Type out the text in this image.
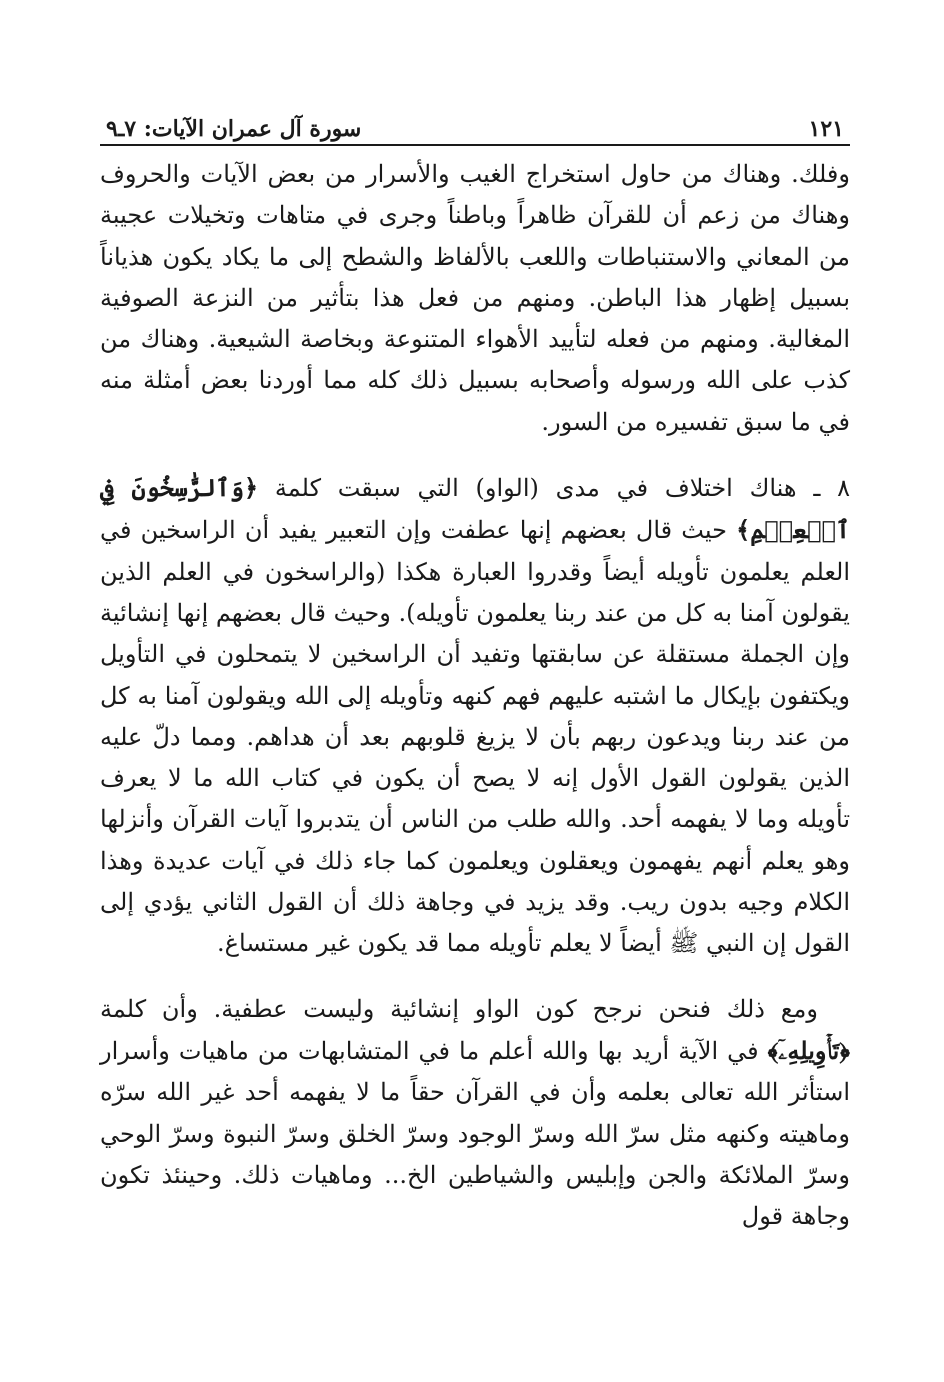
١٢١
سورة آل عمران الآيات: ٧ـ٩

وفلك. وهناك من حاول استخراج الغيب والأسرار من بعض الآيات والحروف وهناك من زعم أن للقرآن ظاهراً وباطناً وجرى في متاهات وتخيلات عجيبة من المعاني والاستنباطات واللعب بالألفاظ والشطح إلى ما يكاد يكون هذياناً بسبيل إظهار هذا الباطن. ومنهم من فعل هذا بتأثير من النزعة الصوفية المغالية. ومنهم من فعله لتأييد الأهواء المتنوعة وبخاصة الشيعية. وهناك من كذب على الله ورسوله وأصحابه بسبيل ذلك كله مما أوردنا بعض أمثلة منه في ما سبق تفسيره من السور.

٨ ـ هناك اختلاف في مدى (الواو) التي سبقت كلمة ﴿وَٱلرَّٰسِخُونَ فِي ٱلۡعِلۡمِ﴾ حيث قال بعضهم إنها عطفت وإن التعبير يفيد أن الراسخين في العلم يعلمون تأويله أيضاً وقدروا العبارة هكذا (والراسخون في العلم الذين يقولون آمنا به كل من عند ربنا يعلمون تأويله). وحيث قال بعضهم إنها إنشائية وإن الجملة مستقلة عن سابقتها وتفيد أن الراسخين لا يتمحلون في التأويل ويكتفون بإيكال ما اشتبه عليهم فهم كنهه وتأويله إلى الله ويقولون آمنا به كل من عند ربنا ويدعون ربهم بأن لا يزيغ قلوبهم بعد أن هداهم. ومما دلّ عليه الذين يقولون القول الأول إنه لا يصح أن يكون في كتاب الله ما لا يعرف تأويله وما لا يفهمه أحد. والله طلب من الناس أن يتدبروا آيات القرآن وأنزلها وهو يعلم أنهم يفهمون ويعقلون ويعلمون كما جاء ذلك في آيات عديدة وهذا الكلام وجيه بدون ريب. وقد يزيد في وجاهة ذلك أن القول الثاني يؤدي إلى القول إن النبي ﷺ أيضاً لا يعلم تأويله مما قد يكون غير مستساغ.

ومع ذلك فنحن نرجح كون الواو إنشائية وليست عطفية. وأن كلمة ﴿تَأۡوِيلِهِۦٓ﴾ في الآية أريد بها والله أعلم ما في المتشابهات من ماهيات وأسرار استأثر الله تعالى بعلمه وأن في القرآن حقاً ما لا يفهمه أحد غير الله سرّه وماهيته وكنهه مثل سرّ الله وسرّ الوجود وسرّ الخلق وسرّ النبوة وسرّ الوحي وسرّ الملائكة والجن وإبليس والشياطين الخ... وماهيات ذلك. وحينئذ تكون وجاهة قول
